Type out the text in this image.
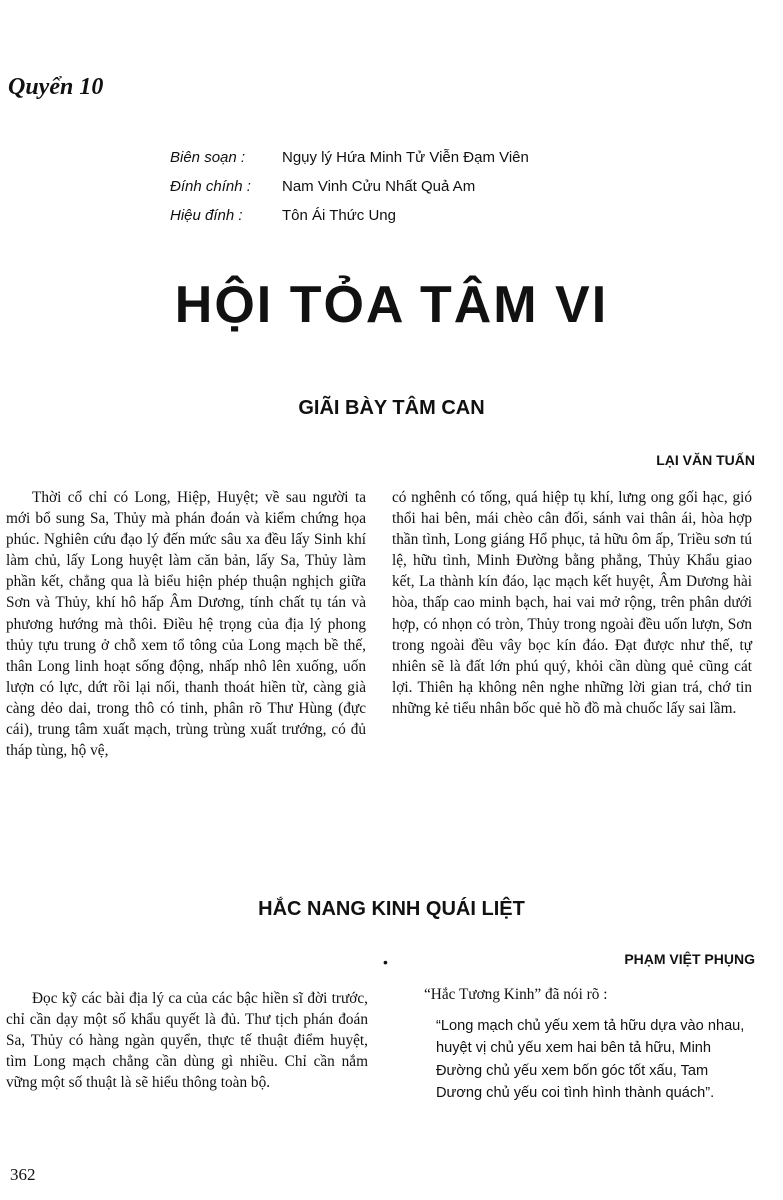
Quyển 10
Biên soạn :	Ngụy lý Hứa Minh Tử Viễn Đạm Viên
Đính chính :	Nam Vinh Cửu Nhất Quả Am
Hiệu đính :	Tôn Ái Thức Ung
HỘI TỎA TÂM VI
GIÃI BÀY TÂM CAN
LẠI VĂN TUẤN
Thời cổ chỉ có Long, Hiệp, Huyệt; về sau người ta mới bổ sung Sa, Thủy mà phán đoán và kiểm chứng họa phúc. Nghiên cứu đạo lý đến mức sâu xa đều lấy Sinh khí làm chủ, lấy Long huyệt làm căn bản, lấy Sa, Thủy làm phần kết, chẳng qua là biểu hiện phép thuận nghịch giữa Sơn và Thủy, khí hô hấp Âm Dương, tính chất tụ tán và phương hướng mà thôi. Điều hệ trọng của địa lý phong thủy tựu trung ở chỗ xem tổ tông của Long mạch bề thế, thân Long linh hoạt sống động, nhấp nhô lên xuống, uốn lượn có lực, dứt rồi lại nối, thanh thoát hiền từ, càng già càng dẻo dai, trong thô có tinh, phân rõ Thư Hùng (đực cái), trung tâm xuất mạch, trùng trùng xuất trướng, có đủ tháp tùng, hộ vệ,
có nghênh có tống, quá hiệp tụ khí, lưng ong gối hạc, gió thổi hai bên, mái chèo cân đối, sánh vai thân ái, hòa hợp thần tình, Long giáng Hổ phục, tả hữu ôm ấp, Triều sơn tú lệ, hữu tình, Minh Đường bằng phẳng, Thủy Khẩu giao kết, La thành kín đáo, lạc mạch kết huyệt, Âm Dương hài hòa, thấp cao minh bạch, hai vai mở rộng, trên phân dưới hợp, có nhọn có tròn, Thủy trong ngoài đều uốn lượn, Sơn trong ngoài đều vây bọc kín đáo. Đạt được như thế, tự nhiên sẽ là đất lớn phú quý, khỏi cần dùng quẻ cũng cát lợi. Thiên hạ không nên nghe những lời gian trá, chớ tin những kẻ tiểu nhân bốc quẻ hồ đồ mà chuốc lấy sai lầm.
HẮC NANG KINH QUÁI LIỆT
•	PHẠM VIỆT PHỤNG
Đọc kỹ các bài địa lý ca của các bậc hiền sĩ đời trước, chỉ cần dạy một số khẩu quyết là đủ. Thư tịch phán đoán Sa, Thủy có hàng ngàn quyển, thực tế thuật điểm huyệt, tìm Long mạch chẳng cần dùng gì nhiều. Chỉ cần nắm vững một số thuật là sẽ hiểu thông toàn bộ.
“Hắc Tương Kinh” đã nói rõ :
“Long mạch chủ yếu xem tả hữu dựa vào nhau, huyệt vị chủ yếu xem hai bên tả hữu, Minh Đường chủ yếu xem bốn góc tốt xấu, Tam Dương chủ yếu coi tình hình thành quách”.
362
